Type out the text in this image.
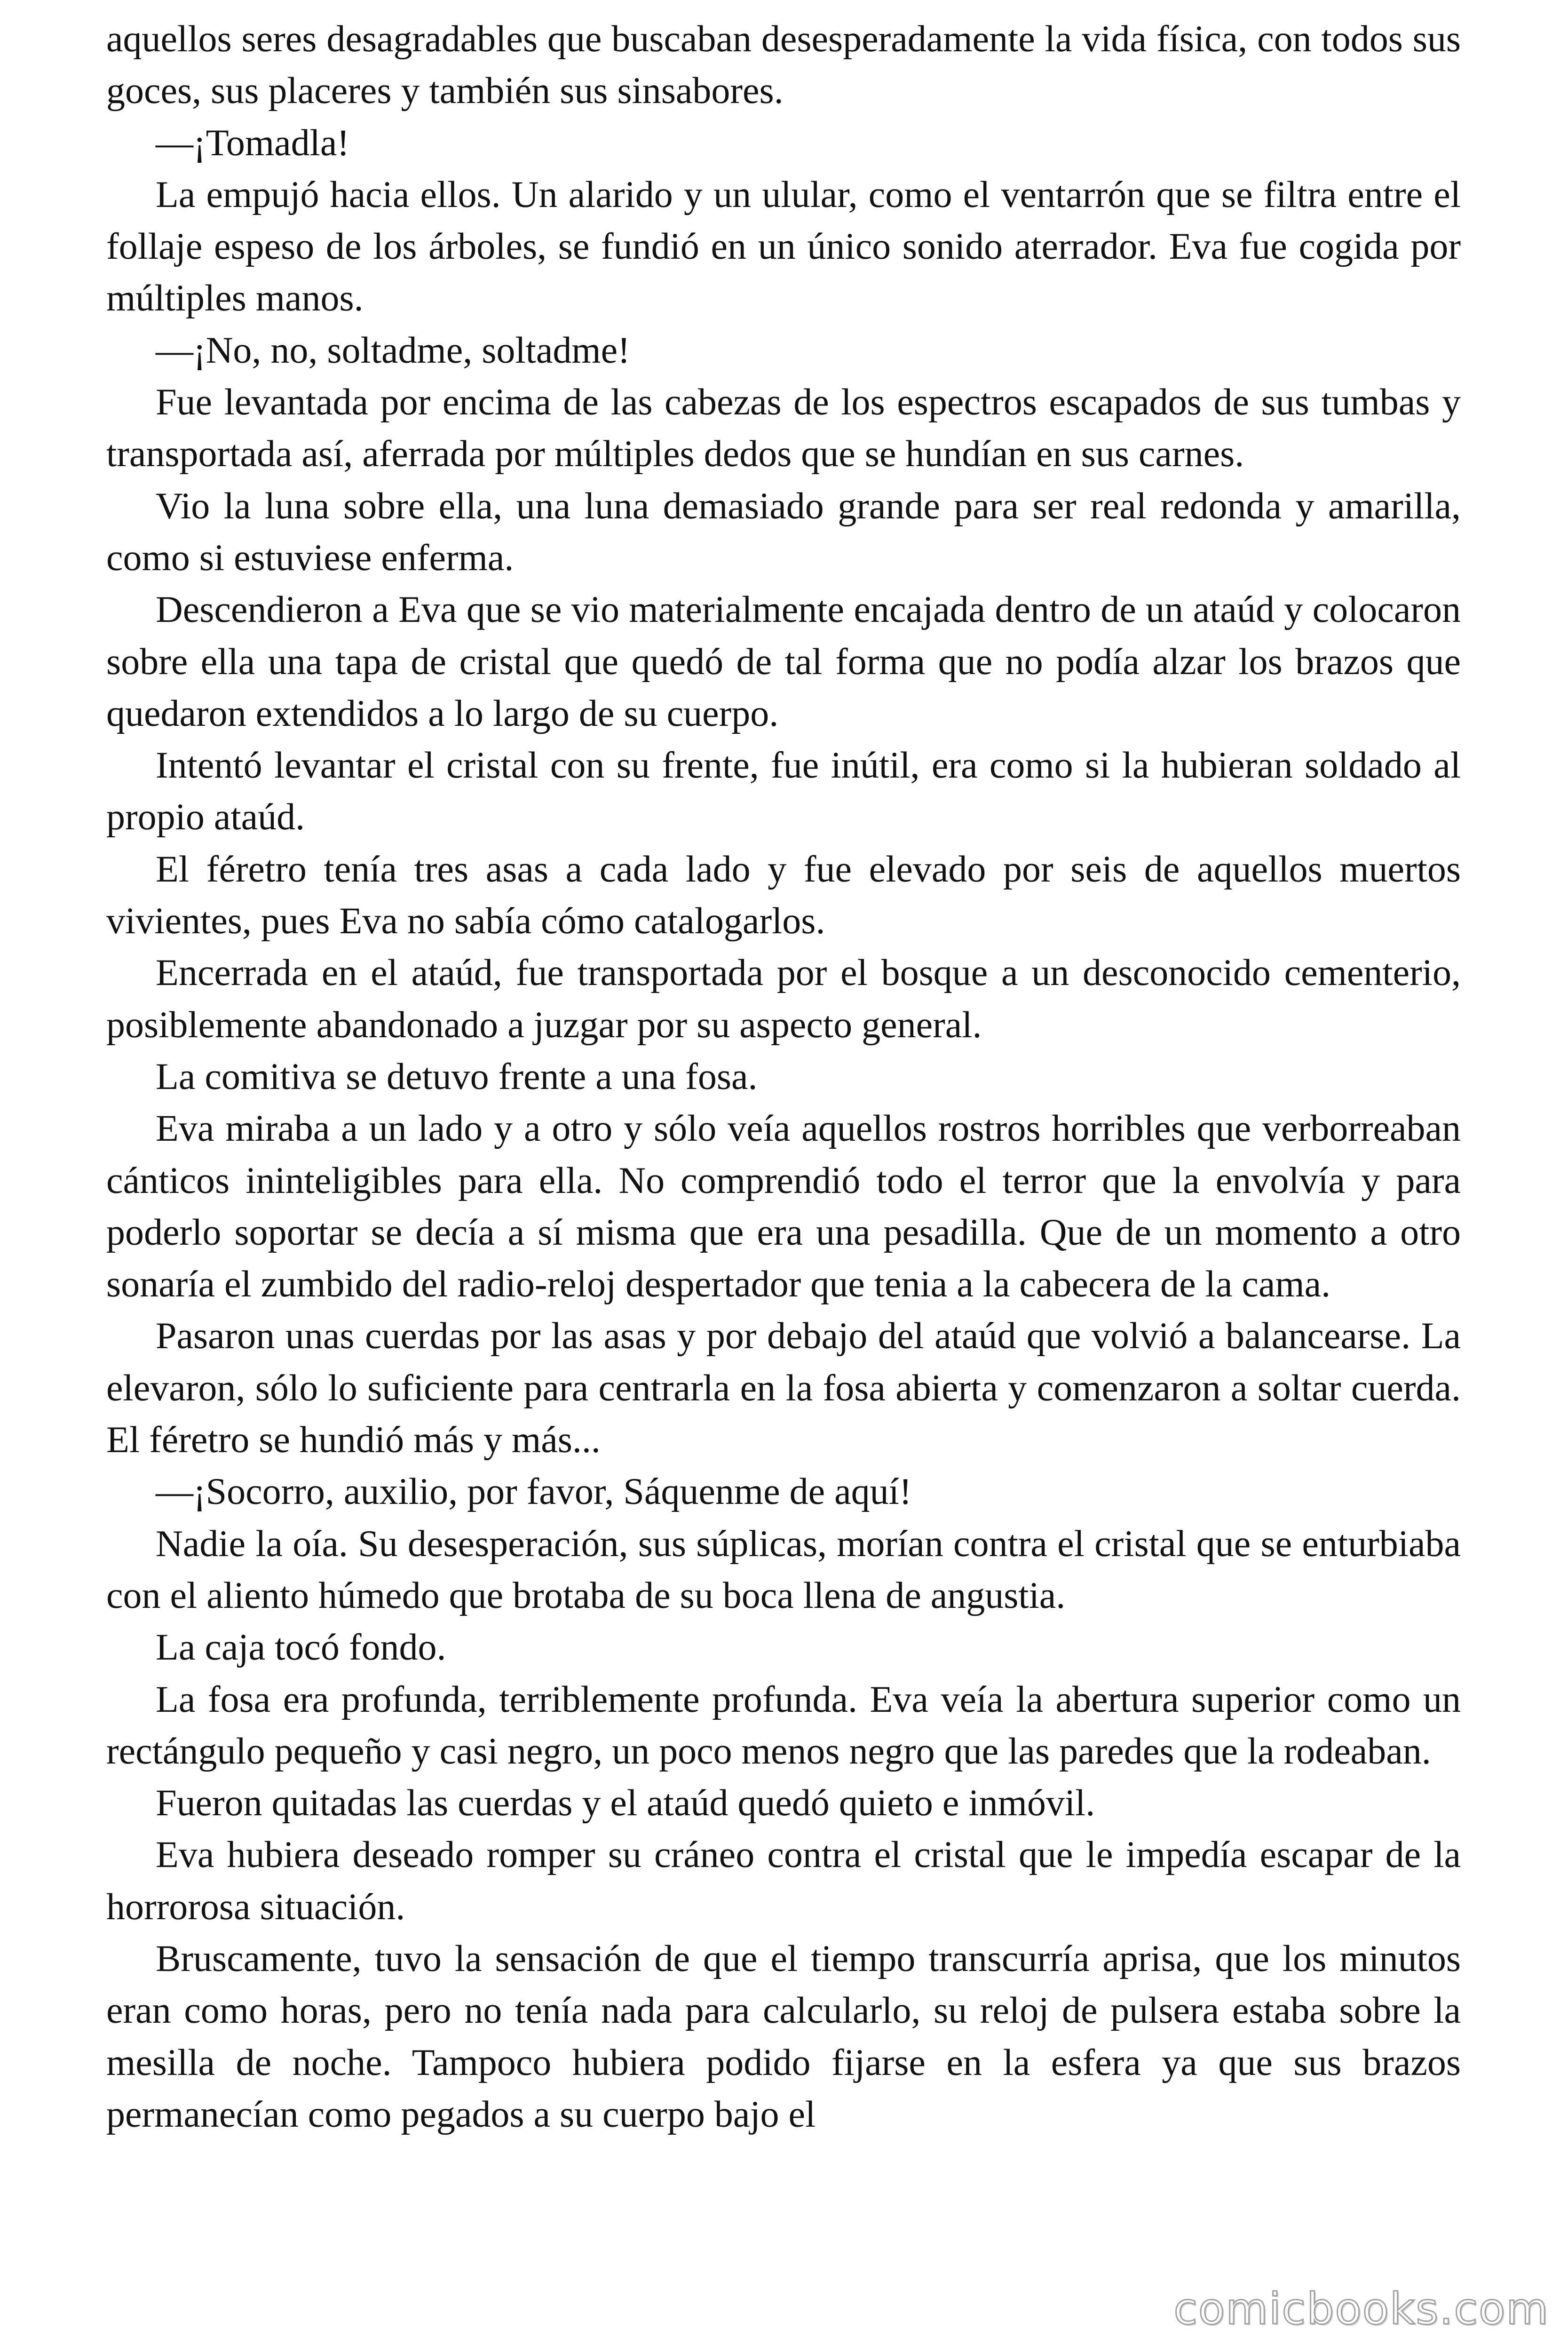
aquellos seres desagradables que buscaban desesperadamente la vida física, con todos sus goces, sus placeres y también sus sinsabores.

—¡Tomadla!

La empujó hacia ellos. Un alarido y un ulular, como el ventarrón que se filtra entre el follaje espeso de los árboles, se fundió en un único sonido aterrador. Eva fue cogida por múltiples manos.

—¡No, no, soltadme, soltadme!

Fue levantada por encima de las cabezas de los espectros escapados de sus tumbas y transportada así, aferrada por múltiples dedos que se hundían en sus carnes.

Vio la luna sobre ella, una luna demasiado grande para ser real redonda y amarilla, como si estuviese enferma.

Descendieron a Eva que se vio materialmente encajada dentro de un ataúd y colocaron sobre ella una tapa de cristal que quedó de tal forma que no podía alzar los brazos que quedaron extendidos a lo largo de su cuerpo.

Intentó levantar el cristal con su frente, fue inútil, era como si la hubieran soldado al propio ataúd.

El féretro tenía tres asas a cada lado y fue elevado por seis de aquellos muertos vivientes, pues Eva no sabía cómo catalogarlos.

Encerrada en el ataúd, fue transportada por el bosque a un desconocido cementerio, posiblemente abandonado a juzgar por su aspecto general.

La comitiva se detuvo frente a una fosa.

Eva miraba a un lado y a otro y sólo veía aquellos rostros horribles que verborreaban cánticos ininteligibles para ella. No comprendió todo el terror que la envolvía y para poderlo soportar se decía a sí misma que era una pesadilla. Que de un momento a otro sonaría el zumbido del radio-reloj despertador que tenia a la cabecera de la cama.

Pasaron unas cuerdas por las asas y por debajo del ataúd que volvió a balancearse. La elevaron, sólo lo suficiente para centrarla en la fosa abierta y comenzaron a soltar cuerda. El féretro se hundió más y más...

—¡Socorro, auxilio, por favor, Sáquenme de aquí!

Nadie la oía. Su desesperación, sus súplicas, morían contra el cristal que se enturbiaba con el aliento húmedo que brotaba de su boca llena de angustia.

La caja tocó fondo.

La fosa era profunda, terriblemente profunda. Eva veía la abertura superior como un rectángulo pequeño y casi negro, un poco menos negro que las paredes que la rodeaban.

Fueron quitadas las cuerdas y el ataúd quedó quieto e inmóvil.

Eva hubiera deseado romper su cráneo contra el cristal que le impedía escapar de la horrorosa situación.

Bruscamente, tuvo la sensación de que el tiempo transcurría aprisa, que los minutos eran como horas, pero no tenía nada para calcularlo, su reloj de pulsera estaba sobre la mesilla de noche. Tampoco hubiera podido fijarse en la esfera ya que sus brazos permanecían como pegados a su cuerpo bajo el

comicbooks.com
